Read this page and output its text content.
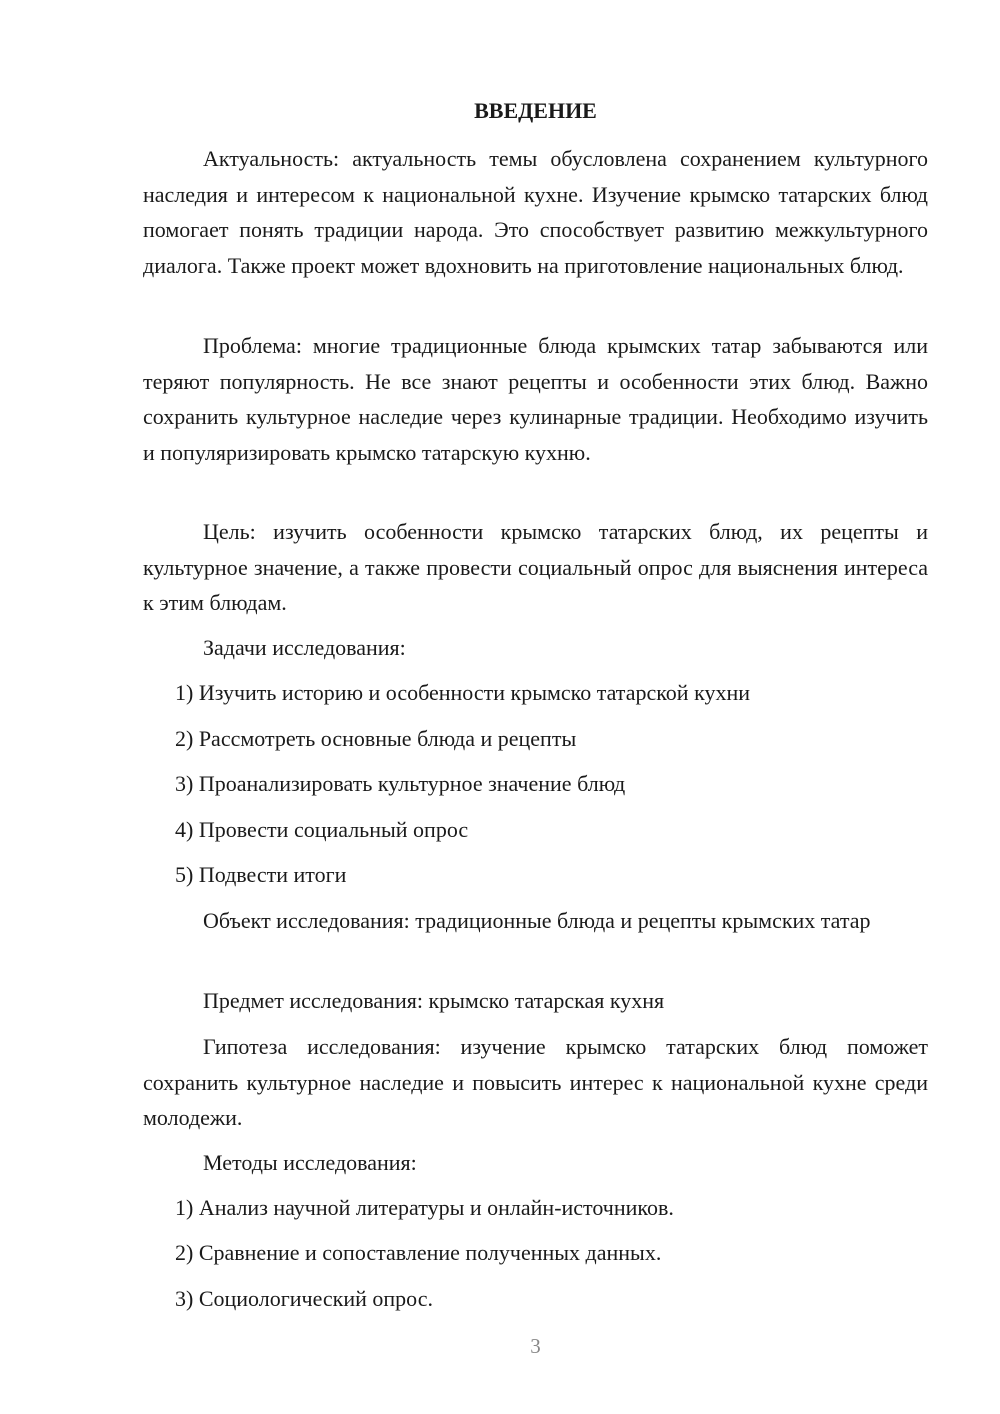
ВВЕДЕНИЕ

Актуальность: актуальность темы обусловлена сохранением культурного наследия и интересом к национальной кухне. Изучение крымско татарских блюд помогает понять традиции народа. Это способствует развитию межкультурного диалога. Также проект может вдохновить на приготовление национальных блюд.

Проблема: многие традиционные блюда крымских татар забываются или теряют популярность. Не все знают рецепты и особенности этих блюд. Важно сохранить культурное наследие через кулинарные традиции. Необходимо изучить и популяризировать крымско татарскую кухню.

Цель: изучить особенности крымско татарских блюд, их рецепты и культурное значение, а также провести социальный опрос для выяснения интереса к этим блюдам.

Задачи исследования:

1) Изучить историю и особенности крымско татарской кухни
2) Рассмотреть основные блюда и рецепты
3) Проанализировать культурное значение блюд
4) Провести социальный опрос
5) Подвести итоги

Объект исследования: традиционные блюда и рецепты крымских татар

Предмет исследования: крымско татарская кухня

Гипотеза исследования: изучение крымско татарских блюд поможет сохранить культурное наследие и повысить интерес к национальной кухне среди молодежи.

Методы исследования:

1) Анализ научной литературы и онлайн-источников.
2) Сравнение и сопоставление полученных данных.
3) Социологический опрос.
3
